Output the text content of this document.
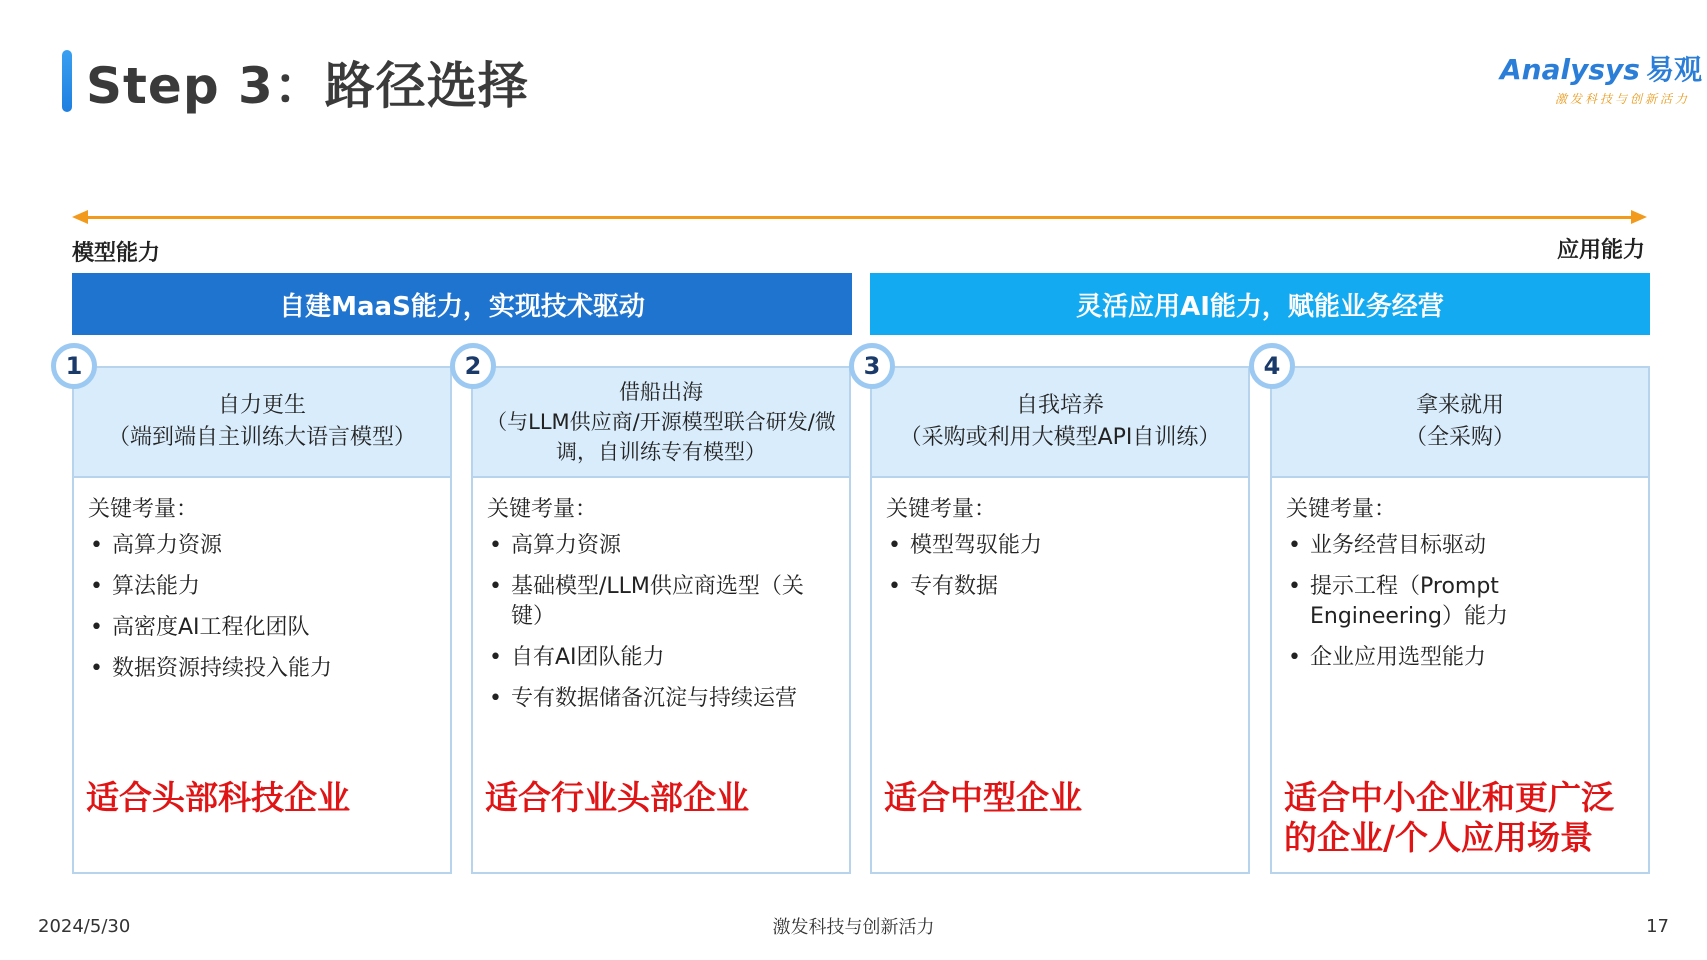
Step 3：路径选择	Analysys 易观
激发科技与创新活力
模型能力	应用能力
自建MaaS能力，实现技术驱动	灵活应用AI能力，赋能业务经营
自力更生
（端到端自主训练大语言模型）
关键考量：
• 高算力资源
• 算法能力
• 高密度AI工程化团队
• 数据资源持续投入能力
适合头部科技企业
1
借船出海
（与LLM供应商/开源模型联合研发/微调，自训练专有模型）
关键考量：
• 高算力资源
• 基础模型/LLM供应商选型（关键）
• 自有AI团队能力
• 专有数据储备沉淀与持续运营
适合行业头部企业
2
自我培养
（采购或利用大模型API自训练）
关键考量：
• 模型驾驭能力
• 专有数据
适合中型企业
3
拿来就用
（全采购）
关键考量：
• 业务经营目标驱动
• 提示工程（Prompt Engineering）能力
• 企业应用选型能力
适合中小企业和更广泛的企业/个人应用场景
4
2024/5/30	激发科技与创新活力	17
